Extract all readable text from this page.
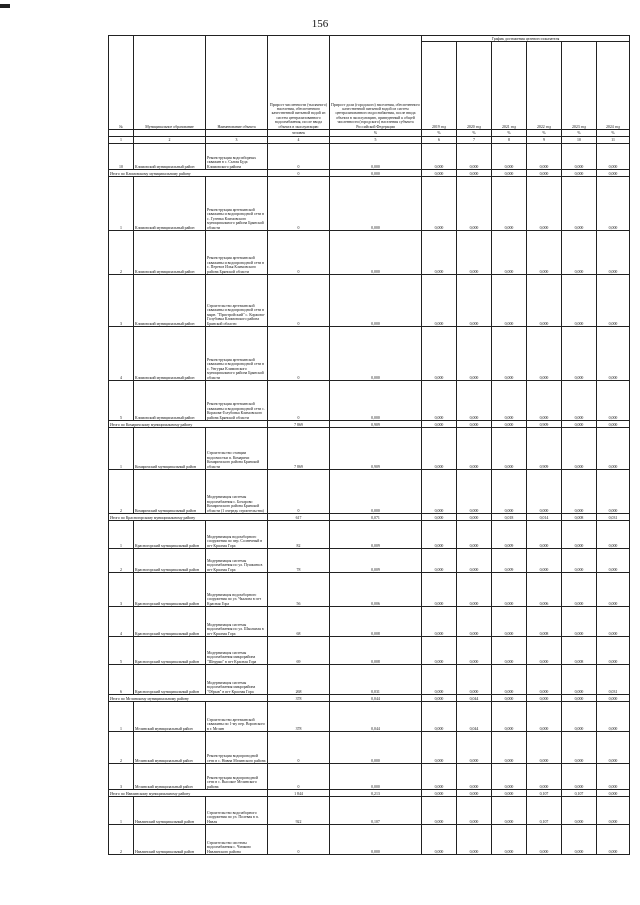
156
№	Муниципальное образование	Наименование объекта	Прирост численности (тысячного) населения, обеспеченного качественной питьевой водой из систем централизованного водоснабжения, после ввода объекта в эксплуатацию	Прирост доли (городского) населения, обеспеченного качественной питьевой водой из систем централизованного водоснабжения, после ввода объекта в эксплуатацию, приведенный к общей численности (городского) населения субъекта Российской Федерации	График достижения целевого показателя					
					2019 год	2020 год	2021 год	2022 год	2023 год	2024 год
			человек	%	%	%	%	%	%	%
1	2	3	4	5	6	7	8	9	10	11
10	Климовский муниципальный район	Реконструкция водозаборных скважин в с. Сытая Буда Климовского района	0	0,000	0,000	0,000	0,000	0,000	0,000	0,000
Итого по Климовскому муниципальному району			0	0,000	0,000	0,000	0,000	0,000	0,000	0,000
1	Климовский муниципальный район	Реконструкция артезианской скважины и водопроводной сети в с. Гулевка Климовского муниципального района Брянской области	0	0,000	0,000	0,000	0,000	0,000	0,000	0,000
2	Климовский муниципальный район	Реконструкция артезианской скважины и водопроводной сети в с. Перевоз Илья Климовского района Брянской области	0	0,000	0,000	0,000	0,000	0,000	0,000	0,000
3	Климовский муниципальный район	Строительство артезианской скважины и водопроводной сети в мкрн. "Пристройский" с. Коржова-Голубовка Климовского района Брянской области	0	0,000	0,000	0,000	0,000	0,000	0,000	0,000
4	Климовский муниципальный район	Реконструкция артезианской скважины и водопроводной сети в с. Унгурка Климовского муниципального района Брянской области	0	0,000	0,000	0,000	0,000	0,000	0,000	0,000
5	Климовский муниципальный район	Реконструкция артезианской скважины и водопроводной сети с. Коржова-Голубовка Климовского района Брянской области	0	0,000	0,000	0,000	0,000	0,000	0,000	0,000
Итого по Комаричскому муниципальному району			7 869	0,909	0,000	0,000	0,000	0,909	0,000	0,000
1	Комаричский муниципальный район	Строительство станции водоочистки п. Комаричи Комаричского района Брянской области	7 869	0,909	0,000	0,000	0,000	0,909	0,000	0,000
2	Комаричский муниципальный район	Модернизация системы водоснабжения с. Бочарово Комаричского района Брянской области (1 очередь строительства)	0	0,000	0,000	0,000	0,000	0,000	0,000	0,000
Итого по Красногорскому муниципальному району			617	0,071	0,000	0,000	0,018	0,014	0,008	0,031
1	Красногорский муниципальный район	Модернизация водозаборного сооружения по пер. Cолнечный в пгт Красная Гора	82	0,009	0,000	0,000	0,009	0,000	0,000	0,000
2	Красногорский муниципальный район	Модернизация системы водоснабжения по ул. Пушкина в пгт Красная Гора	78	0,009	0,000	0,000	0,009	0,000	0,000	0,000
3	Красногорский муниципальный район	Модернизация водозаборного сооружения по ул. Чкалова в пгт Красная Гора	56	0,006	0,000	0,000	0,000	0,006	0,000	0,000
4	Красногорский муниципальный район	Модернизация системы водоснабжения по ул. Школьная в пгт Красная Гора	68	0,008	0,000	0,000	0,000	0,008	0,000	0,000
5	Красногорский муниципальный район	Модернизация системы водоснабжения микрорайона "Шнурки" в пгт Красная Гора	69	0,008	0,000	0,000	0,000	0,000	0,008	0,000
6	Красногорский муниципальный район	Модернизация системы водоснабжения микрорайона "Обрыв" в пгт Красная Гора	268	0,031	0,000	0,000	0,000	0,000	0,000	0,031
Итого по Мглинскому муниципальному району			378	0,044	0,000	0,044	0,000	0,000	0,000	0,000
1	Мглинский муниципальный район	Строительство артезианской скважины по 1-му пер. Воровского в г. Мглин	378	0,044	0,000	0,044	0,000	0,000	0,000	0,000
2	Мглинский муниципальный район	Реконструкция водопроводной сети в с. Нивна Мглинского района	0	0,000	0,000	0,000	0,000	0,000	0,000	0,000
3	Мглинский муниципальный район	Реконструкция водопроводной сети в с. Высокое Мглинского района	0	0,000	0,000	0,000	0,000	0,000	0,000	0,000
Итого по Навлинскому муниципальному району			1 844	0,213	0,000	0,000	0,000	0,107	0,107	0,000
1	Навлинский муниципальный район	Строительство водозаборного сооружения по ул. Полевая в п. Навля	922	0,107	0,000	0,000	0,000	0,107	0,000	0,000
2	Навлинский муниципальный район	Строительство системы водоснабжения с. Чичково Навлинского района	0	0,000	0,000	0,000	0,000	0,000	0,000	0,000
